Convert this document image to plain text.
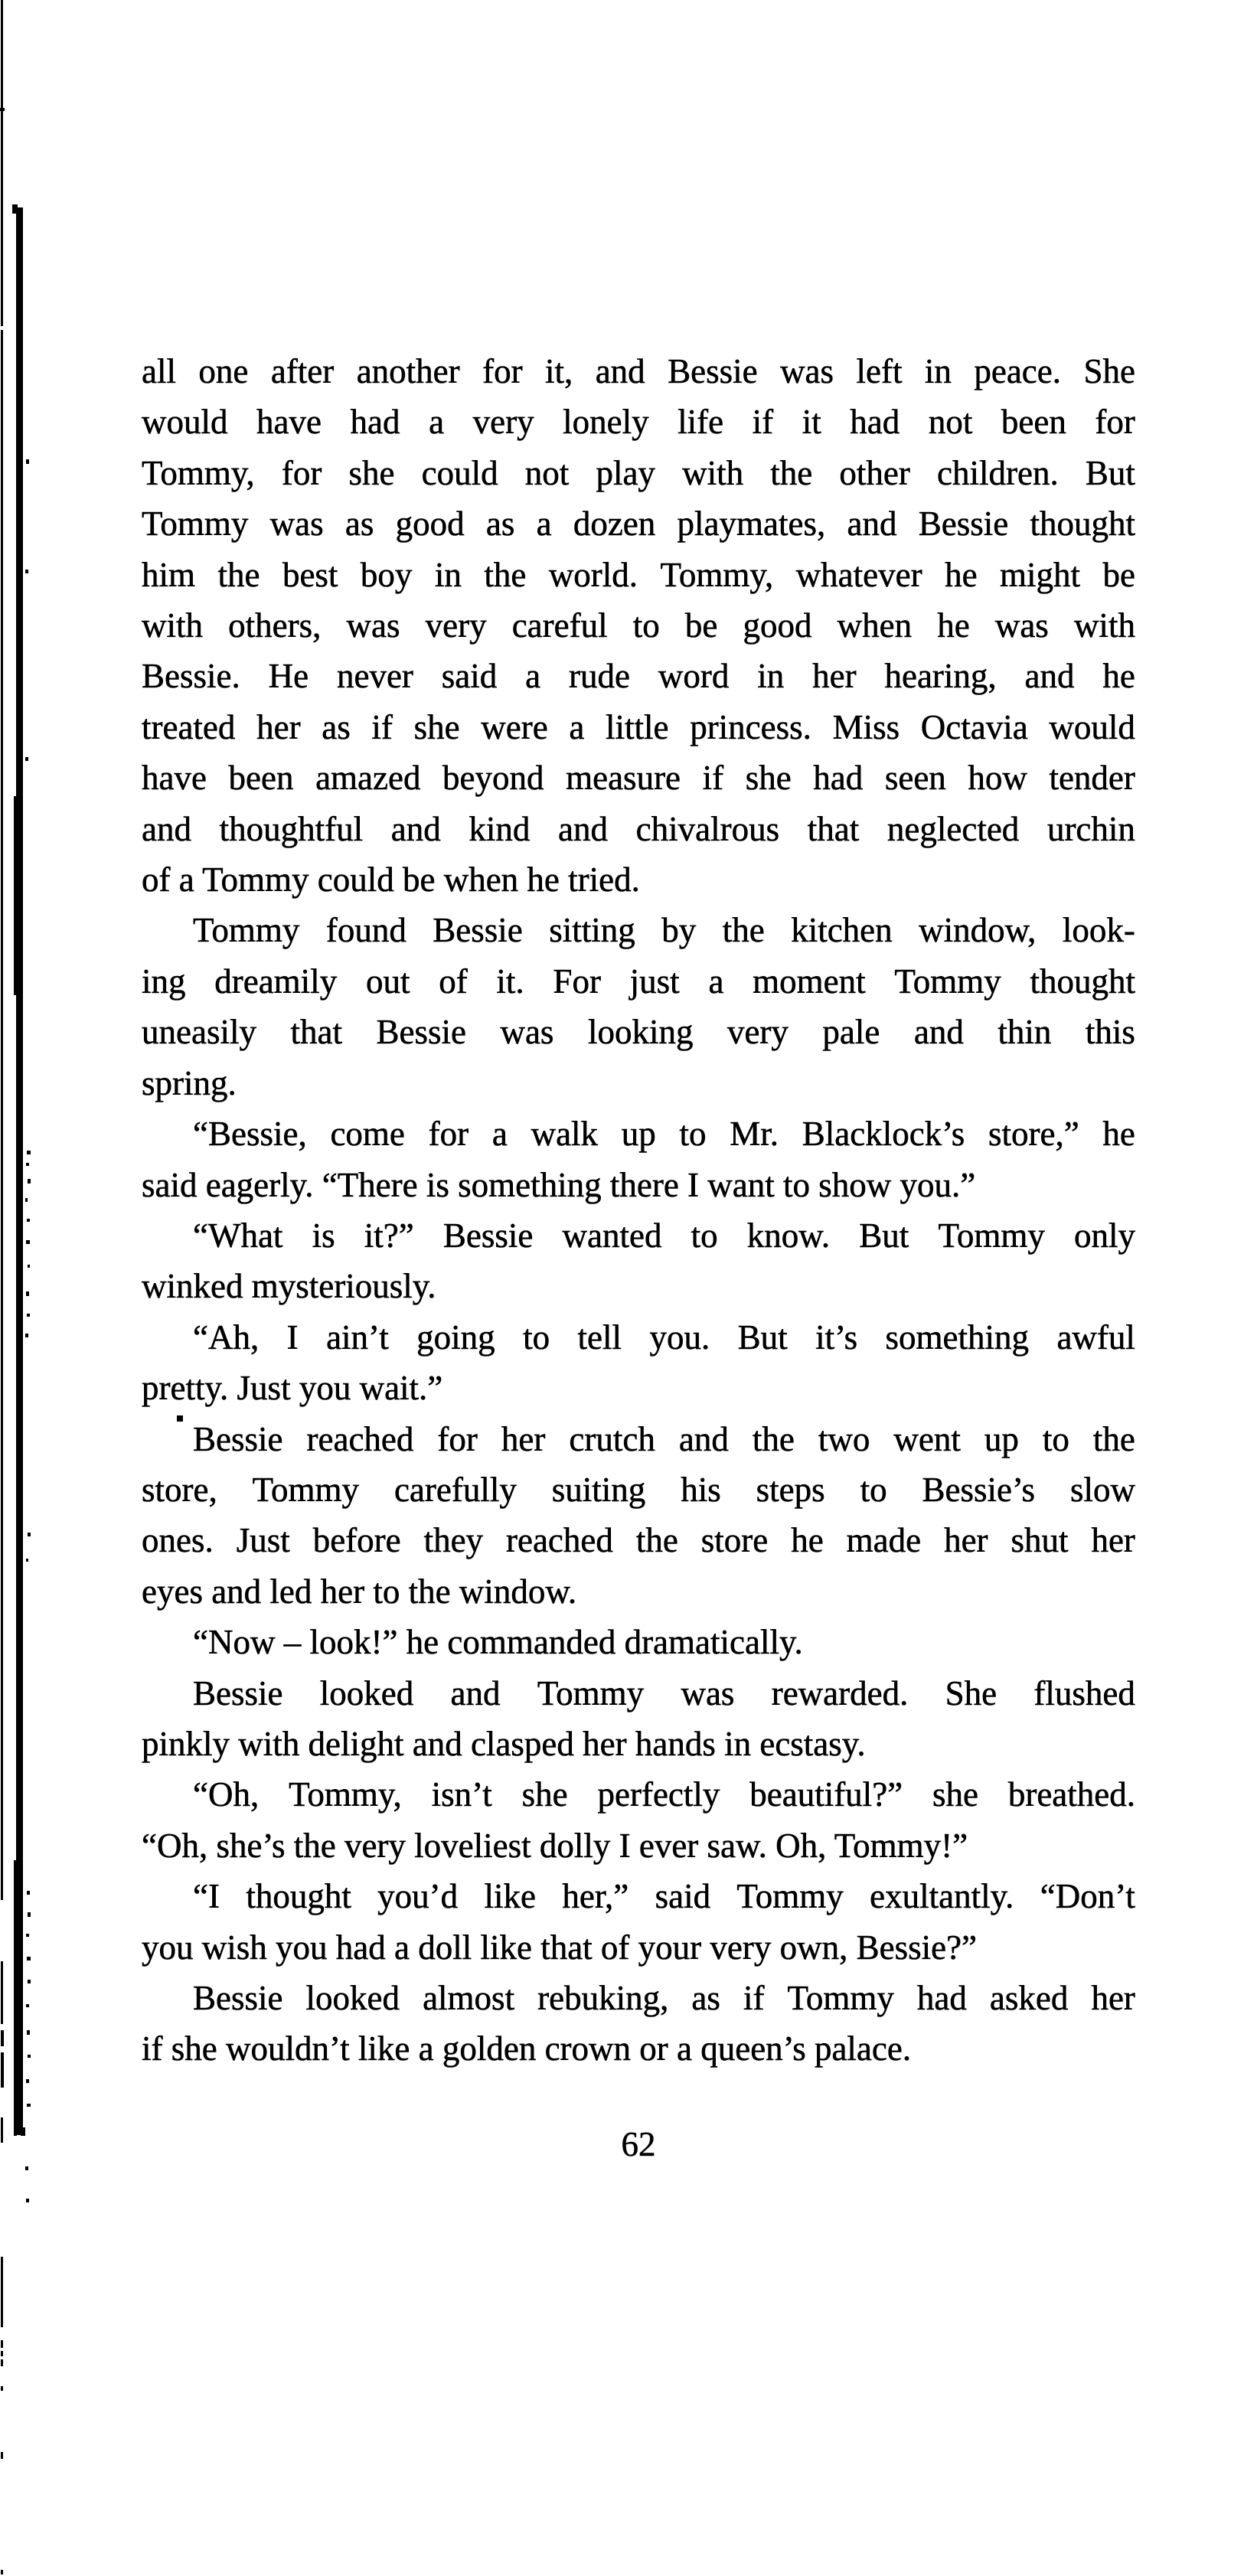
all one after another for it, and Bessie was left in peace. She
would have had a very lonely life if it had not been for
Tommy, for she could not play with the other children. But
Tommy was as good as a dozen playmates, and Bessie thought
him the best boy in the world. Tommy, whatever he might be
with others, was very careful to be good when he was with
Bessie. He never said a rude word in her hearing, and he
treated her as if she were a little princess. Miss Octavia would
have been amazed beyond measure if she had seen how tender
and thoughtful and kind and chivalrous that neglected urchin
of a Tommy could be when he tried.
Tommy found Bessie sitting by the kitchen window, look-
ing dreamily out of it. For just a moment Tommy thought
uneasily that Bessie was looking very pale and thin this
spring.
“Bessie, come for a walk up to Mr. Blacklock’s store,” he
said eagerly. “There is something there I want to show you.”
“What is it?” Bessie wanted to know. But Tommy only
winked mysteriously.
“Ah, I ain’t going to tell you. But it’s something awful
pretty. Just you wait.”
Bessie reached for her crutch and the two went up to the
store, Tommy carefully suiting his steps to Bessie’s slow
ones. Just before they reached the store he made her shut her
eyes and led her to the window.
“Now – look!” he commanded dramatically.
Bessie looked and Tommy was rewarded. She flushed
pinkly with delight and clasped her hands in ecstasy.
“Oh, Tommy, isn’t she perfectly beautiful?” she breathed.
“Oh, she’s the very loveliest dolly I ever saw. Oh, Tommy!”
“I thought you’d like her,” said Tommy exultantly. “Don’t
you wish you had a doll like that of your very own, Bessie?”
Bessie looked almost rebuking, as if Tommy had asked her
if she wouldn’t like a golden crown or a queen’s palace.
62
